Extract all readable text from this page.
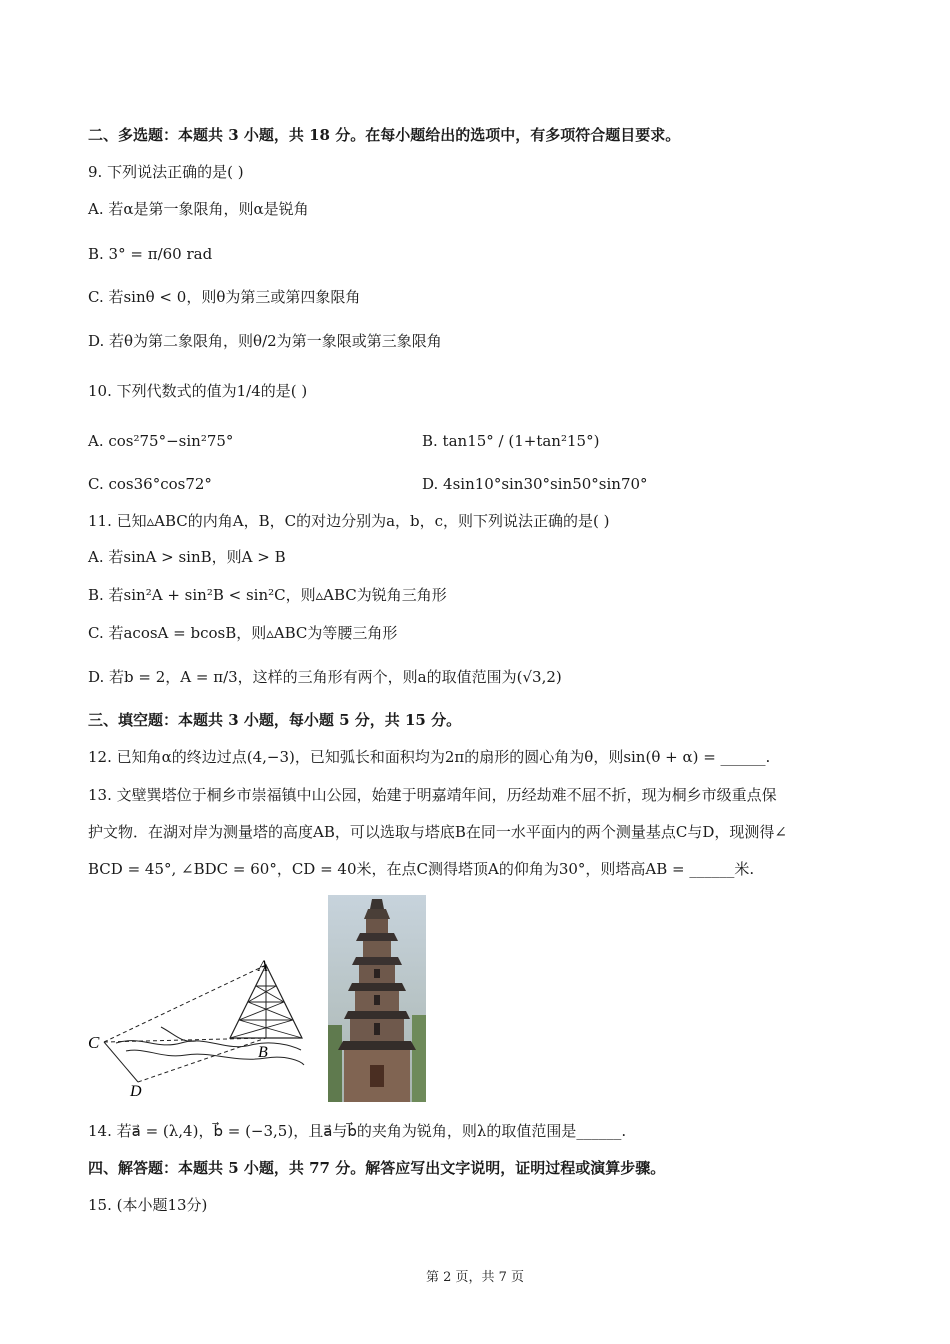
二、多选题：本题共 3 小题，共 18 分。在每小题给出的选项中，有多项符合题目要求。
9. 下列说法正确的是( )
A. 若α是第一象限角，则α是锐角
B. 3° = π/60 rad
C. 若sinθ < 0，则θ为第三或第四象限角
D. 若θ为第二象限角，则θ/2为第一象限或第三象限角
10. 下列代数式的值为1/4的是( )
A. cos²75°−sin²75°	B. tan15° / (1+tan²15°)
C. cos36°cos72°	D. 4sin10°sin30°sin50°sin70°
11. 已知▵ABC的内角A，B，C的对边分别为a，b，c，则下列说法正确的是( )
A. 若sinA > sinB，则A > B
B. 若sin²A + sin²B < sin²C，则▵ABC为锐角三角形
C. 若acosA = bcosB，则▵ABC为等腰三角形
D. 若b = 2，A = π/3，这样的三角形有两个，则a的取值范围为(√3,2)
三、填空题：本题共 3 小题，每小题 5 分，共 15 分。
12. 已知角α的终边过点(4,−3)，已知弧长和面积均为2π的扇形的圆心角为θ，则sin(θ + α) = ______.
13. 文壁巽塔位于桐乡市崇福镇中山公园，始建于明嘉靖年间，历经劫难不屈不折，现为桐乡市级重点保
护文物．在湖对岸为测量塔的高度AB，可以选取与塔底B在同一水平面内的两个测量基点C与D，现测得∠
BCD = 45°, ∠BDC = 60°，CD = 40米，在点C测得塔顶A的仰角为30°，则塔高AB = ______米.
A
B
C
D
14. 若a⃗ = (λ,4)，b⃗ = (−3,5)，且a⃗与b⃗的夹角为锐角，则λ的取值范围是______.
四、解答题：本题共 5 小题，共 77 分。解答应写出文字说明，证明过程或演算步骤。
15. (本小题13分)
第 2 页，共 7 页
